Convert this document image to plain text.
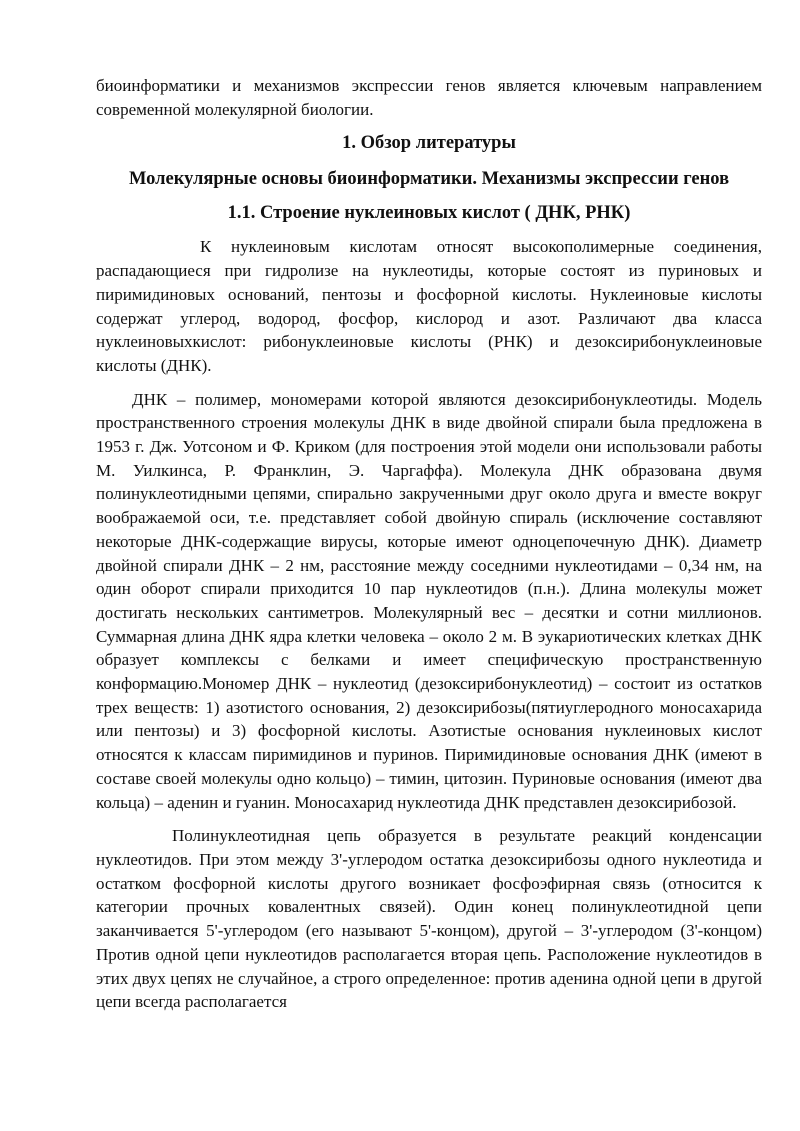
биоинформатики и механизмов экспрессии генов является ключевым направлением современной молекулярной биологии.

1. Обзор литературы
Молекулярные основы биоинформатики. Механизмы экспрессии генов
1.1. Строение нуклеиновых кислот ( ДНК, РНК)

К нуклеиновым кислотам относят высокополимерные соединения, распадающиеся при гидролизе на нуклеотиды, которые состоят из пуриновых и пиримидиновых оснований, пентозы и фосфорной кислоты. Нуклеиновые кислоты содержат углерод, водород, фосфор, кислород и азот. Различают два класса нуклеиновыхкислот: рибонуклеиновые кислоты (РНК) и дезоксирибонуклеиновые кислоты (ДНК).

ДНК – полимер, мономерами которой являются дезоксирибонуклеотиды. Модель пространственного строения молекулы ДНК в виде двойной спирали была предложена в 1953 г. Дж. Уотсоном и Ф. Криком (для построения этой модели они использовали работы М. Уилкинса, Р. Франклин, Э. Чаргаффа). Молекула ДНК образована двумя полинуклеотидными цепями, спирально закрученными друг около друга и вместе вокруг воображаемой оси, т.е. представляет собой двойную спираль (исключение составляют некоторые ДНК-содержащие вирусы, которые имеют одноцепочечную ДНК). Диаметр двойной спирали ДНК – 2 нм, расстояние между соседними нуклеотидами – 0,34 нм, на один оборот спирали приходится 10 пар нуклеотидов (п.н.). Длина молекулы может достигать нескольких сантиметров. Молекулярный вес – десятки и сотни миллионов. Суммарная длина ДНК ядра клетки человека – около 2 м. В эукариотических клетках ДНК образует комплексы с белками и имеет специфическую пространственную конформацию.Мономер ДНК – нуклеотид (дезоксирибонуклеотид) – состоит из остатков трех веществ: 1) азотистого основания, 2) дезоксирибозы(пятиуглеродного моносахарида или пентозы) и 3) фосфорной кислоты. Азотистые основания нуклеиновых кислот относятся к классам пиримидинов и пуринов. Пиримидиновые основания ДНК (имеют в составе своей молекулы одно кольцо) – тимин, цитозин. Пуриновые основания (имеют два кольца) – аденин и гуанин. Моносахарид нуклеотида ДНК представлен дезоксирибозой.

Полинуклеотидная цепь образуется в результате реакций конденсации нуклеотидов. При этом между 3'-углеродом остатка дезоксирибозы одного нуклеотида и остатком фосфорной кислоты другого возникает фосфоэфирная связь (относится к категории прочных ковалентных связей). Один конец полинуклеотидной цепи заканчивается 5'-углеродом (его называют 5'-концом), другой – 3'-углеродом (3'-концом) Против одной цепи нуклеотидов располагается вторая цепь. Расположение нуклеотидов в этих двух цепях не случайное, а строго определенное: против аденина одной цепи в другой цепи всегда располагается
